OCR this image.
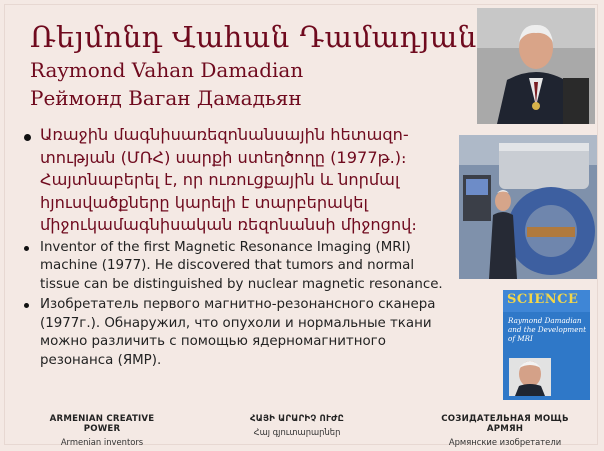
Ռեյմոնդ Վահան Դամադյան
Raymond Vahan Damadian
Реймонд Ваган Дамадьян
Առաջին մագնիսառեզոնանսային հետազո-տության (ՄՌՀ) սարքի ստեղծողը (1977թ.)։ Հայտնաբերել է, որ ուռուցքային և նորմալ հյուսվածքները կարելի է տարբերակել միջուկամագնիսական ռեզոնանսի միջոցով։
Inventor of the first Magnetic Resonance Imaging (MRI) machine (1977). He discovered that tumors and normal tissue can be distinguished by nuclear magnetic resonance.
Изобретатель первого магнитно-резонансного сканера (1977г.). Обнаружил, что опухоли и нормальные ткани можно различить с помощью ядерномагнитного резонанса (ЯМР).
SCIENCE
Raymond Damadian and the Development of MRI
ARMENIAN CREATIVE POWER
Armenian inventors
ՀԱՅԻ ԱՐԱՐԻՉ ՈՒԺԸ
Հայ գյուտարարներ
СОЗИДАТЕЛЬНАЯ МОЩЬ АРМЯН
Армянские изобретатели
